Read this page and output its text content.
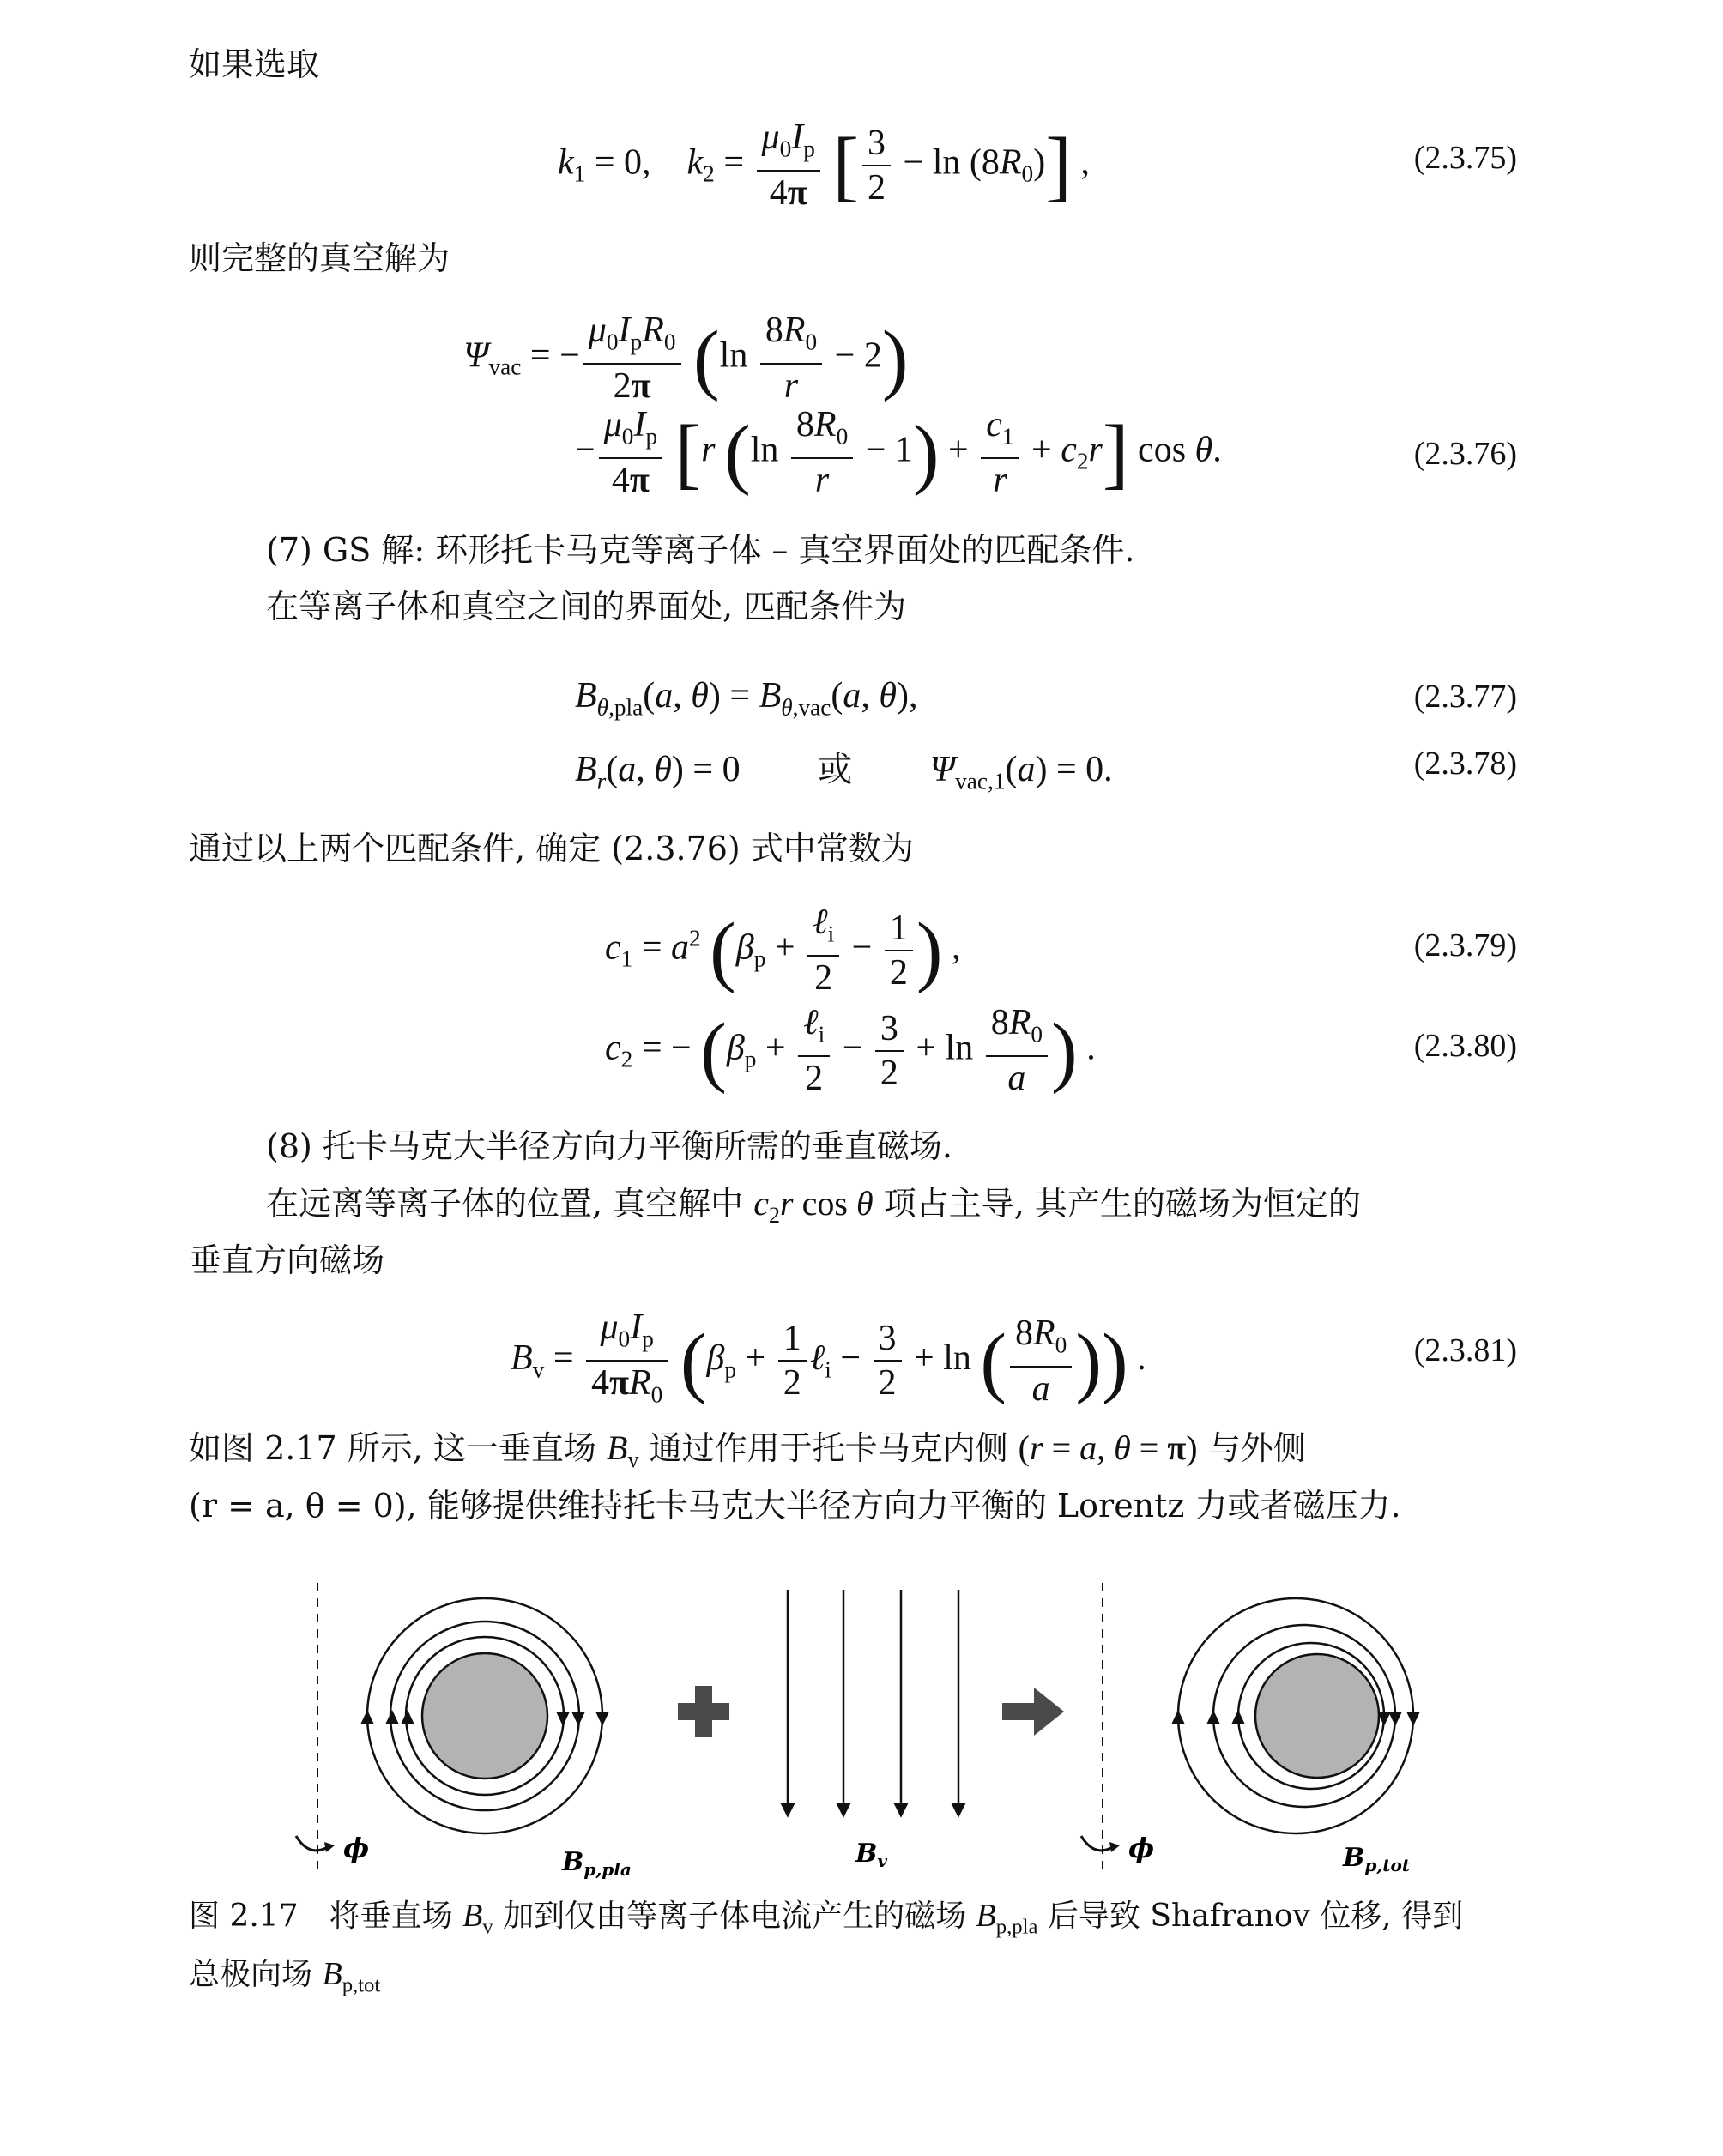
如果选取
$k_1 = 0$,    $k_2 = \frac{\mu_0I_p}{4\pi}$ [ $\frac{3}{2} - \ln (8R_0)$] ,	(2.3.75)
则完整的真空解为
$\Psi_{vac}$ = − $\frac{\mu_0I_pR_0}{2\pi} (\ln \frac{8R_0}{r} - 2)$
− $\frac{\mu_0I_p}{4\pi} [r$ $(\ln \frac{8R_0}{r} - 1) + \frac{c_1}{r} + c_2r$] cos θ.	(2.3.76)
(7) GS 解: 环形托卡马克等离子体 – 真空界面处的匹配条件.
在等离子体和真空之间的界面处, 匹配条件为
$B_{\theta,pla}(a$, $\theta) = B_{\theta,vac}(a$, θ),	(2.3.77)
$B_r(a$, θ) = 0 或 $\Psi_{vac,1}(a) = 0$.	(2.3.78)
通过以上两个匹配条件, 确定 (2.3.76) 式中常数为
$c_1 = a^2$ ($\beta_p + \frac{\ell_i}{2} - \frac{1}{2}$ ) ,	(2.3.79)
$c_2$ = − ($\beta_p + \frac{\ell_i}{2} - \frac{3}{2} + \ln \frac{8R_0}{a}$ ) .	(2.3.80)
(8) 托卡马克大半径方向力平衡所需的垂直磁场.
在远离等离子体的位置, 真空解中 $c_2r$ cos θ 项占主导, 其产生的磁场为恒定的
垂直方向磁场
$B_v = \frac{\mu_0I_p}{4\pi R_0} (\beta_p + \frac{1}{2}$ ℓ$_i$ − $\frac{3}{2} + \ln$ ( $\frac{8R_0}{a}$ )) .	(2.3.81)
如图 2.17 所示, 这一垂直场 $B_v$ 通过作用于托卡马克内侧 (r = a, θ = π) 与外侧
(r = a, θ = 0), 能够提供维持托卡马克大半径方向力平衡的 Lorentz 力或者磁压力.
ϕ	$B_{p,pla}$
$B_v$	ϕ	$B_{p,tot}$
图 2.17　将垂直场 $B_v$ 加到仅由等离子体电流产生的磁场 $B_{p,pla}$ 后导致 Shafranov 位移, 得到
总极向场 $B_{p,tot}$
